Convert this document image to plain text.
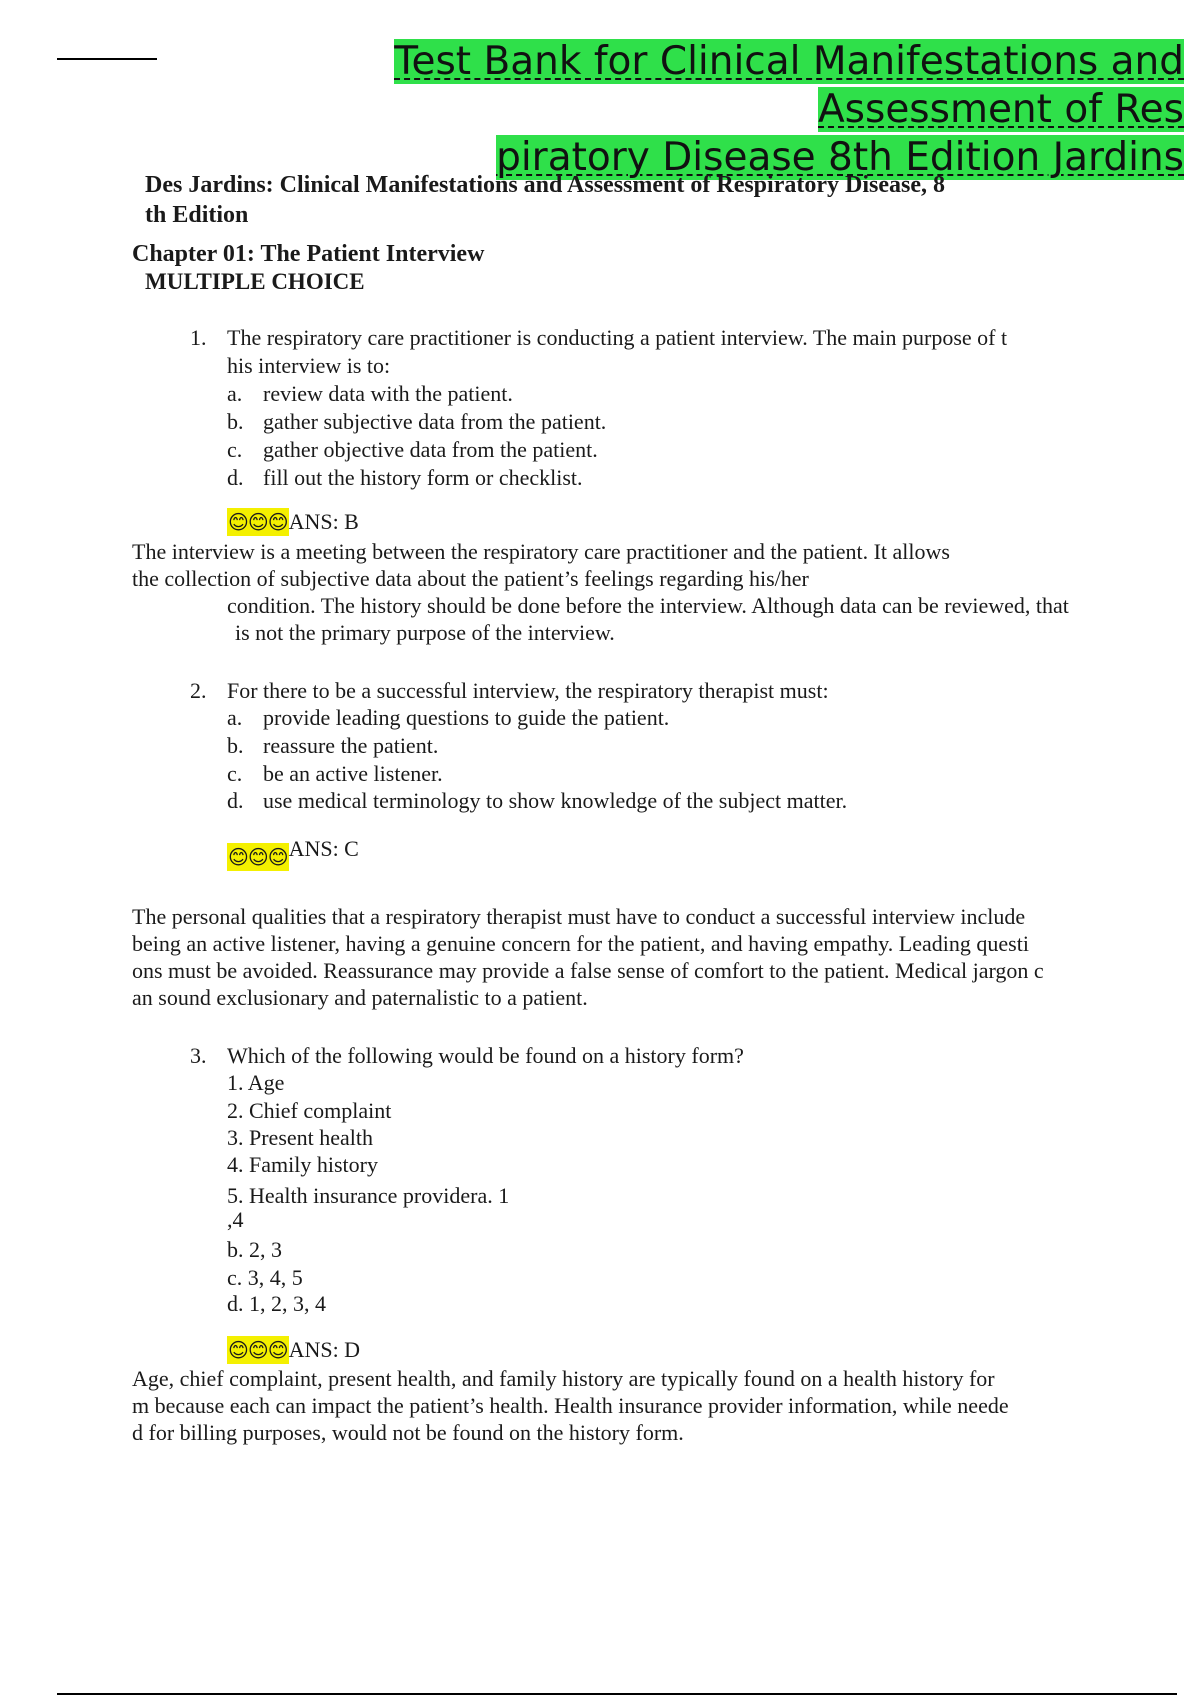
Test Bank for Clinical Manifestations and Assessment of Res
piratory Disease 8th Edition Jardins
Des Jardins: Clinical Manifestations and Assessment of Respiratory Disease, 8
th Edition
Chapter 01: The Patient Interview
MULTIPLE CHOICE
1. The respiratory care practitioner is conducting a patient interview. The main purpose of t
his interview is to:
a. review data with the patient.
b. gather subjective data from the patient.
c. gather objective data from the patient.
d. fill out the history form or checklist.
😊😊😊ANS: B
The interview is a meeting between the respiratory care practitioner and the patient. It allows
the collection of subjective data about the patient’s feelings regarding his/her
condition. The history should be done before the interview. Although data can be reviewed, that
is not the primary purpose of the interview.
2. For there to be a successful interview, the respiratory therapist must:
a. provide leading questions to guide the patient.
b. reassure the patient.
c. be an active listener.
d. use medical terminology to show knowledge of the subject matter.
😊😊😊ANS: C
The personal qualities that a respiratory therapist must have to conduct a successful interview include
being an active listener, having a genuine concern for the patient, and having empathy. Leading questi
ons must be avoided. Reassurance may provide a false sense of comfort to the patient. Medical jargon c
an sound exclusionary and paternalistic to a patient.
3. Which of the following would be found on a history form?
1. Age
2. Chief complaint
3. Present health
4. Family history
5. Health insurance providera. 1
,4
b. 2, 3
c. 3, 4, 5
d. 1, 2, 3, 4
😊😊😊ANS: D
Age, chief complaint, present health, and family history are typically found on a health history for
m because each can impact the patient’s health. Health insurance provider information, while neede
d for billing purposes, would not be found on the history form.
